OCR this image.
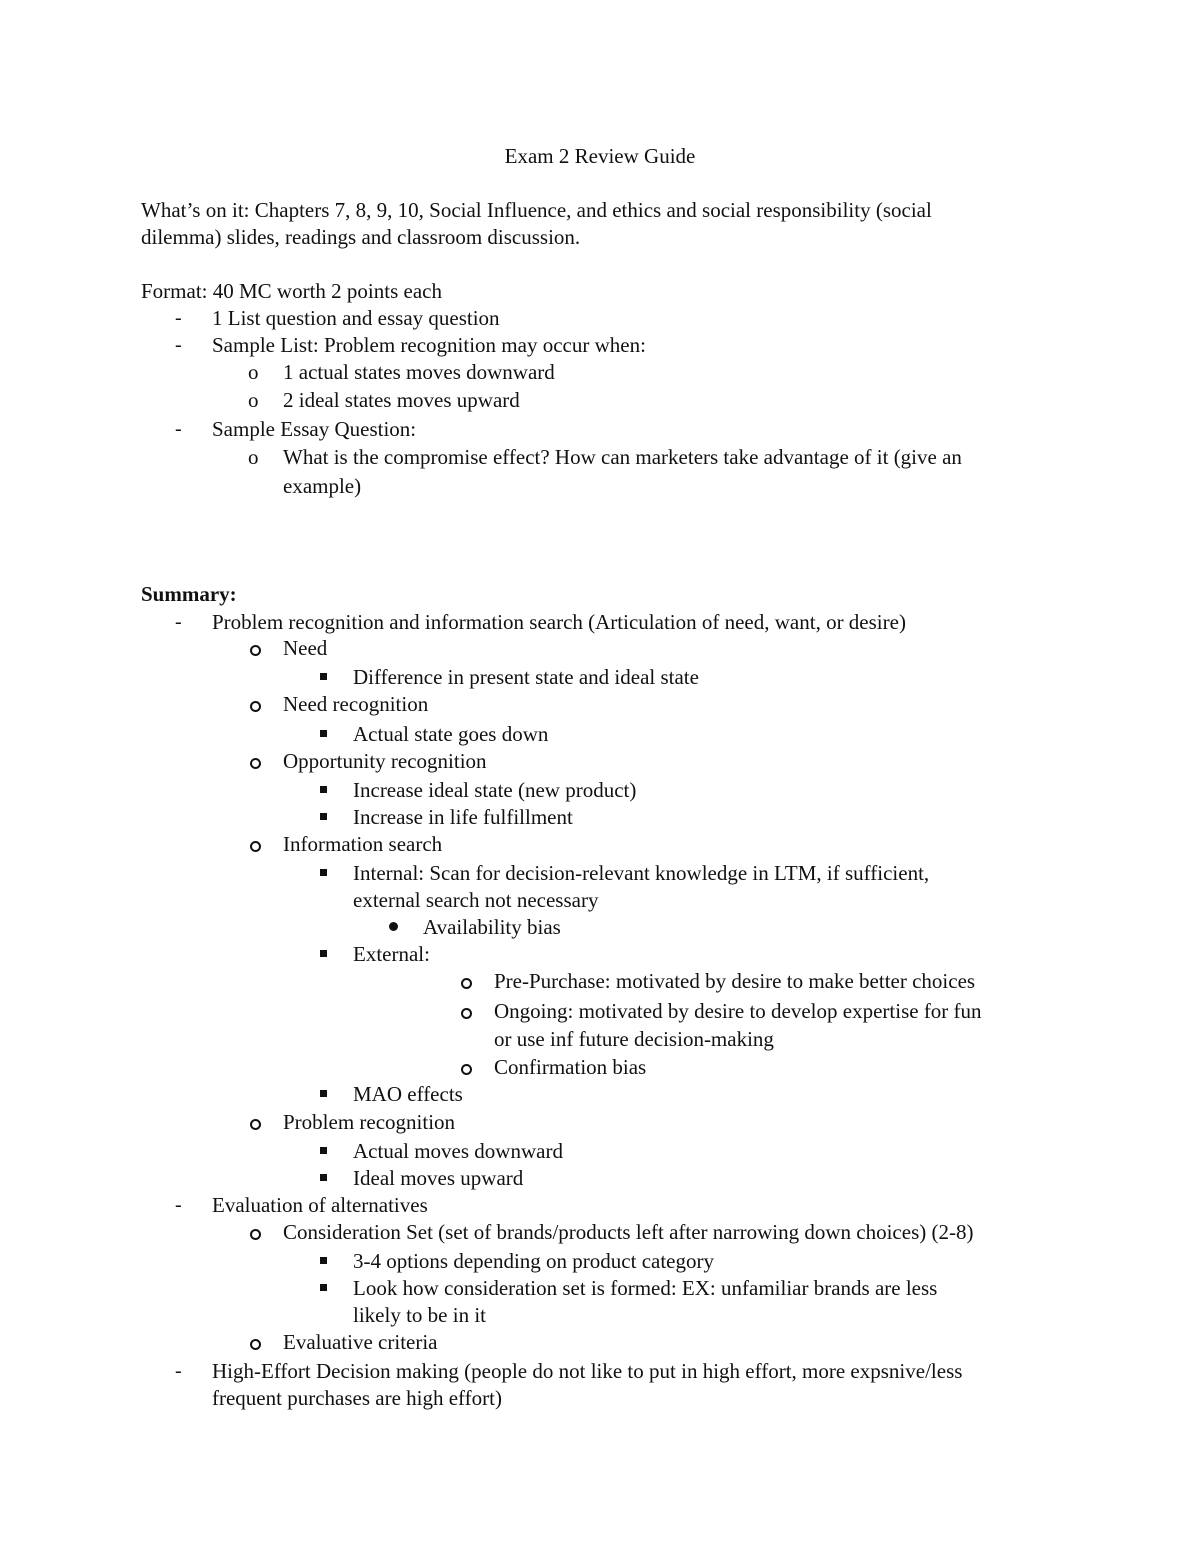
Exam 2 Review Guide
What’s on it: Chapters 7, 8, 9, 10, Social Influence, and ethics and social responsibility (social
dilemma) slides, readings and classroom discussion.
Format: 40 MC worth 2 points each
- 1 List question and essay question
- Sample List: Problem recognition may occur when:
o 1 actual states moves downward
o 2 ideal states moves upward
- Sample Essay Question:
o What is the compromise effect? How can marketers take advantage of it (give an
example)
Summary:
- Problem recognition and information search (Articulation of need, want, or desire)
Need
Difference in present state and ideal state
Need recognition
Actual state goes down
Opportunity recognition
Increase ideal state (new product)
Increase in life fulfillment
Information search
Internal: Scan for decision-relevant knowledge in LTM, if sufficient,
external search not necessary
Availability bias
External:
Pre-Purchase: motivated by desire to make better choices
Ongoing: motivated by desire to develop expertise for fun
or use inf future decision-making
Confirmation bias
MAO effects
Problem recognition
Actual moves downward
Ideal moves upward
- Evaluation of alternatives
Consideration Set (set of brands/products left after narrowing down choices) (2-8)
3-4 options depending on product category
Look how consideration set is formed: EX: unfamiliar brands are less
likely to be in it
Evaluative criteria
- High-Effort Decision making (people do not like to put in high effort, more expsnive/less
frequent purchases are high effort)
